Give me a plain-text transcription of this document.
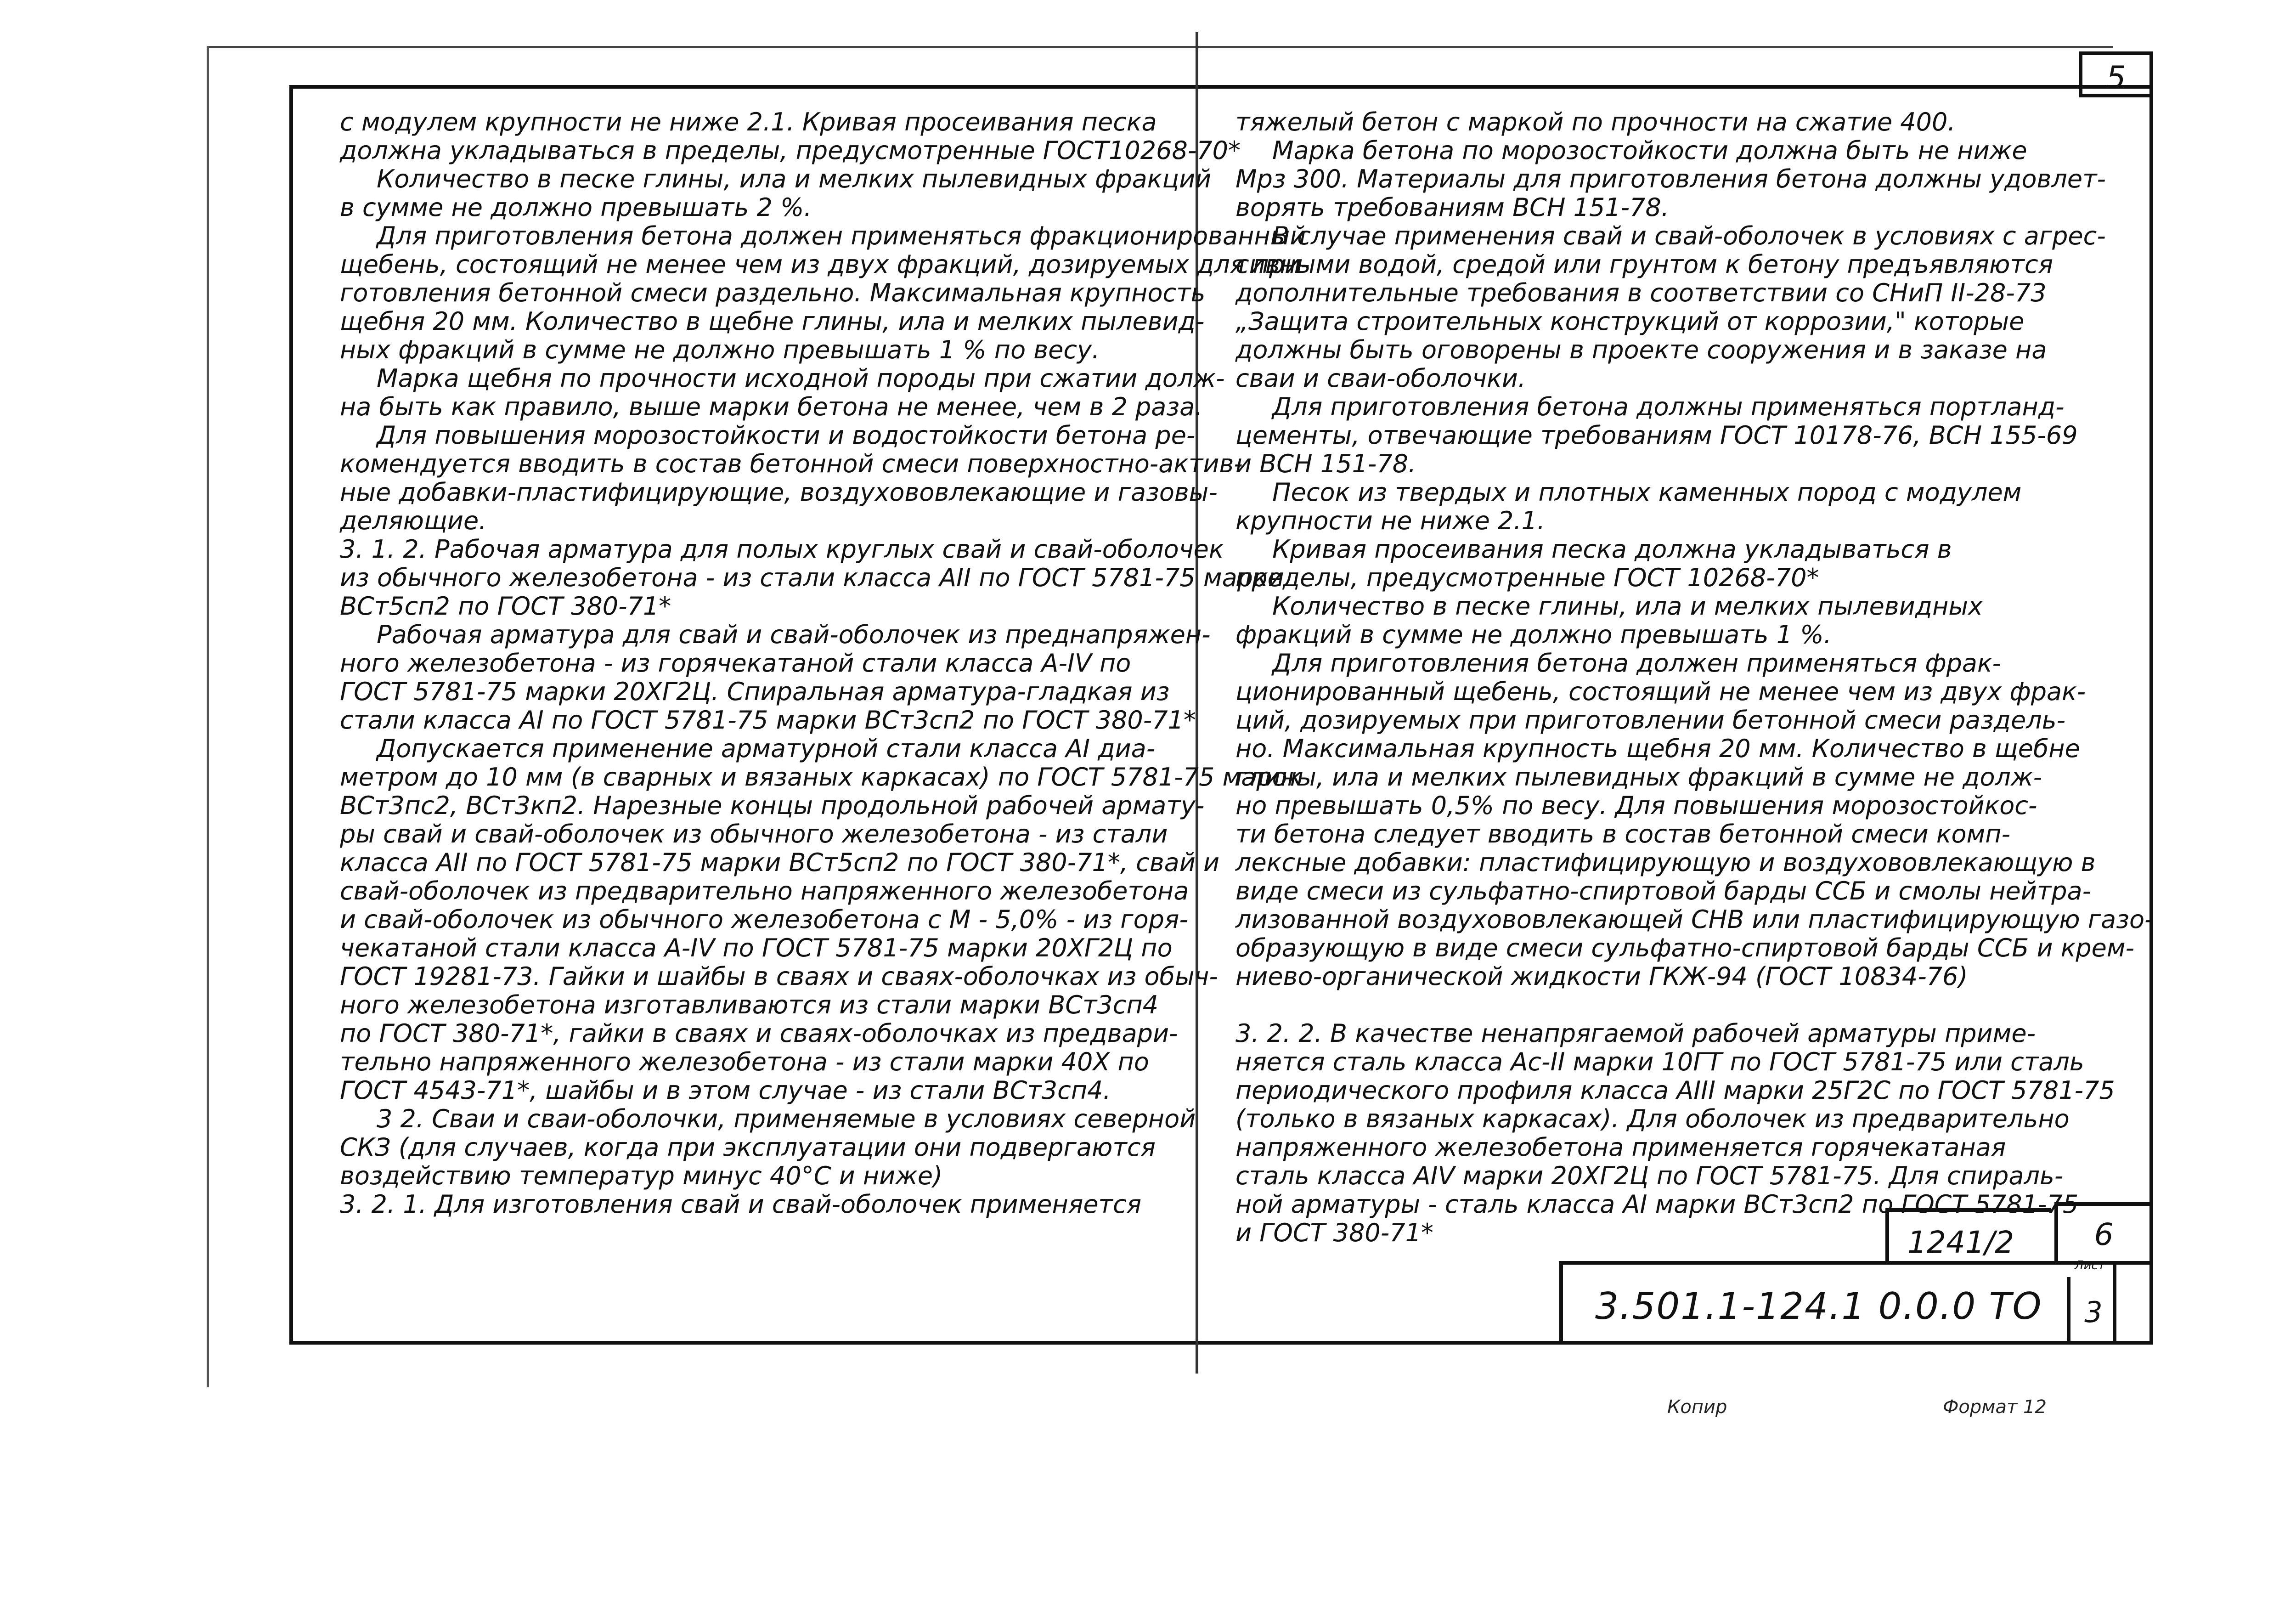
5

с модулем крупности не ниже 2.1. Кривая просеивания песка

должна укладываться в пределы, предусмотренные ГОСТ10268-70*

Количество в песке глины, ила и мелких пылевидных фракций

в сумме не должно превышать 2 %.

Для приготовления бетона должен применяться фракционированный

щебень, состоящий не менее чем из двух фракций, дозируемых для при-

готовления бетонной смеси раздельно. Максимальная крупность

щебня 20 мм. Количество в щебне глины, ила и мелких пылевид-

ных фракций в сумме не должно превышать 1 % по весу.

Марка щебня по прочности исходной породы при сжатии долж-

на быть как правило, выше марки бетона не менее, чем в 2 раза.

Для повышения морозостойкости и водостойкости бетона ре-

комендуется вводить в состав бетонной смеси поверхностно-актив-

ные добавки-пластифицирующие, воздухововлекающие и газовы-

деляющие.

3. 1. 2. Рабочая арматура для полых круглых свай и свай-оболочек

из обычного железобетона - из стали класса АII по ГОСТ 5781-75 марки

ВСт5сп2 по ГОСТ 380-71*

Рабочая арматура для свай и свай-оболочек из преднапряжен-

ного железобетона - из горячекатаной стали класса А-IV по

ГОСТ 5781-75 марки 20ХГ2Ц. Спиральная арматура-гладкая из

стали класса АI по ГОСТ 5781-75 марки ВСт3сп2 по ГОСТ 380-71*

Допускается применение арматурной стали класса АI диа-

метром до 10 мм (в сварных и вязаных каркасах) по ГОСТ 5781-75 марок

ВСт3пс2, ВСт3кп2. Нарезные концы продольной рабочей армату-

ры свай и свай-оболочек из обычного железобетона - из стали

класса АII по ГОСТ 5781-75 марки ВСт5сп2 по ГОСТ 380-71*, свай и

свай-оболочек из предварительно напряженного железобетона

и свай-оболочек из обычного железобетона с М - 5,0% - из горя-

чекатаной стали класса А-IV по ГОСТ 5781-75 марки 20ХГ2Ц по

ГОСТ 19281-73. Гайки и шайбы в сваях и сваях-оболочках из обыч-

ного железобетона изготавливаются из стали марки ВСт3сп4

по ГОСТ 380-71*, гайки в сваях и сваях-оболочках из предвари-

тельно напряженного железобетона - из стали марки 40Х по

ГОСТ 4543-71*, шайбы и в этом случае - из стали ВСт3сп4.

3 2. Сваи и сваи-оболочки, применяемые в условиях северной

СКЗ (для случаев, когда при эксплуатации они подвергаются

воздействию температур минус 40°С и ниже)

3. 2. 1. Для изготовления свай и свай-оболочек применяется

тяжелый бетон с маркой по прочности на сжатие 400.

Марка бетона по морозостойкости должна быть не ниже

Мрз 300. Материалы для приготовления бетона должны удовлет-

ворять требованиям ВСН 151-78.

В случае применения свай и свай-оболочек в условиях с агрес-

сивными водой, средой или грунтом к бетону предъявляются

дополнительные требования в соответствии со СНиП II-28-73

„Защита строительных конструкций от коррозии," которые

должны быть оговорены в проекте сооружения и в заказе на

сваи и сваи-оболочки.

Для приготовления бетона должны применяться портланд-

цементы, отвечающие требованиям ГОСТ 10178-76, ВСН 155-69

и ВСН 151-78.

Песок из твердых и плотных каменных пород с модулем

крупности не ниже 2.1.

Кривая просеивания песка должна укладываться в

пределы, предусмотренные ГОСТ 10268-70*

Количество в песке глины, ила и мелких пылевидных

фракций в сумме не должно превышать 1 %.

Для приготовления бетона должен применяться фрак-

ционированный щебень, состоящий не менее чем из двух фрак-

ций, дозируемых при приготовлении бетонной смеси раздель-

но. Максимальная крупность щебня 20 мм. Количество в щебне

глины, ила и мелких пылевидных фракций в сумме не долж-

но превышать 0,5% по весу. Для повышения морозостойкос-

ти бетона следует вводить в состав бетонной смеси комп-

лексные добавки: пластифицирующую и воздухововлекающую в

виде смеси из сульфатно-спиртовой барды ССБ и смолы нейтра-

лизованной воздухововлекающей СНВ или пластифицирующую газо-

образующую в виде смеси сульфатно-спиртовой барды ССБ и крем-

ниево-органической жидкости ГКЖ-94 (ГОСТ 10834-76)

3. 2. 2. В качестве ненапрягаемой рабочей арматуры приме-

няется сталь класса Ас-II марки 10ГТ по ГОСТ 5781-75 или сталь

периодического профиля класса АIII марки 25Г2С по ГОСТ 5781-75

(только в вязаных каркасах). Для оболочек из предварительно

напряженного железобетона применяется горячекатаная

сталь класса АIV марки 20ХГ2Ц по ГОСТ 5781-75. Для спираль-

ной арматуры - сталь класса АI марки ВСт3сп2 по ГОСТ 5781-75

и ГОСТ 380-71*	1241/2	6
3.501.1-124.1 0.0.0 ТО	3
Лист
Копир	Формат 12
